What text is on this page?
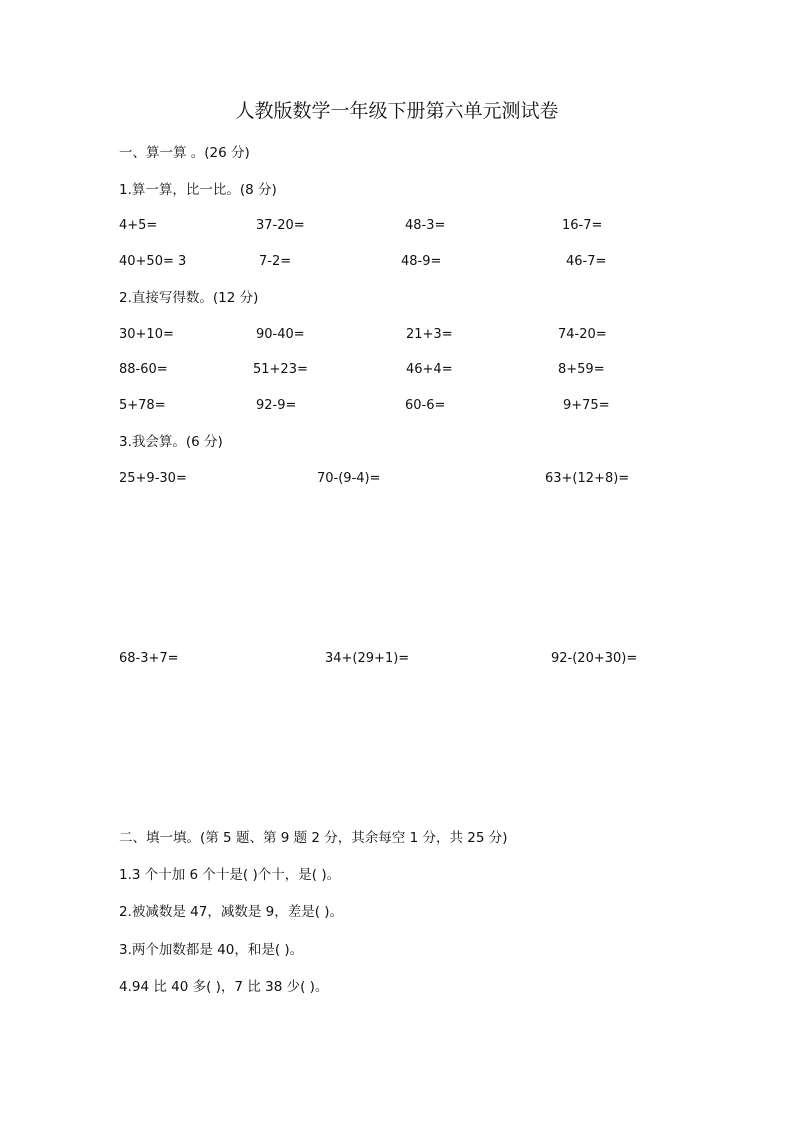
人教版数学一年级下册第六单元测试卷
一、算一算 。(26 分)
1.算一算，比一比。(8 分)
4+5=	37-20=	48-3=	16-7=
40+50= 3	7-2=	48-9=	46-7=
2.直接写得数。(12 分)
30+10=	90-40=	21+3=	74-20=
88-60=	51+23=	46+4=	8+59=
5+78=	92-9=	60-6=	9+75=
3.我会算。(6 分)
25+9-30=	70-(9-4)=	63+(12+8)=
68-3+7=	34+(29+1)=	92-(20+30)=
二、填一填。(第 5 题、第 9 题 2 分，其余每空 1 分，共 25 分)
1.3 个十加 6 个十是( )个十，是( )。
2.被减数是 47，减数是 9，差是( )。
3.两个加数都是 40，和是( )。
4.94 比 40 多( )，7 比 38 少( )。
